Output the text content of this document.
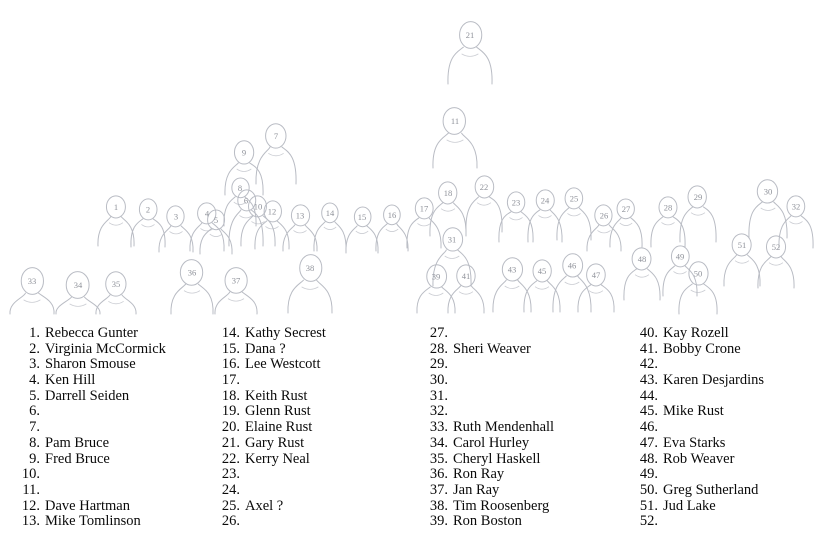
21
11
9
7
1	2
3	4
5
6
8
10 12 13	14	15	16
17
18
22
23 24 25
26
27	28
29
30
32
31
33	34	35
36
37
38
39	41
43	45
46
47
48	49
50
51	52
1. Rebecca Gunter
2. Virginia McCormick
3. Sharon Smouse
4. Ken Hill
5. Darrell Seiden
6.
7.
8. Pam Bruce
9. Fred Bruce
10.
11.
12. Dave Hartman
13. Mike Tomlinson
14. Kathy Secrest
15. Dana ?
16. Lee Westcott
17.
18. Keith Rust
19. Glenn Rust
20. Elaine Rust
21. Gary Rust
22. Kerry Neal
23.
24.
25. Axel ?
26.
27.
28. Sheri Weaver
29.
30.
31.
32.
33. Ruth Mendenhall
34. Carol Hurley
35. Cheryl Haskell
36. Ron Ray
37. Jan Ray
38. Tim Roosenberg
39. Ron Boston
40. Kay Rozell
41. Bobby Crone
42.
43. Karen Desjardins
44.
45. Mike Rust
46.
47. Eva Starks
48. Rob Weaver
49.
50. Greg Sutherland
51. Jud Lake
52.
